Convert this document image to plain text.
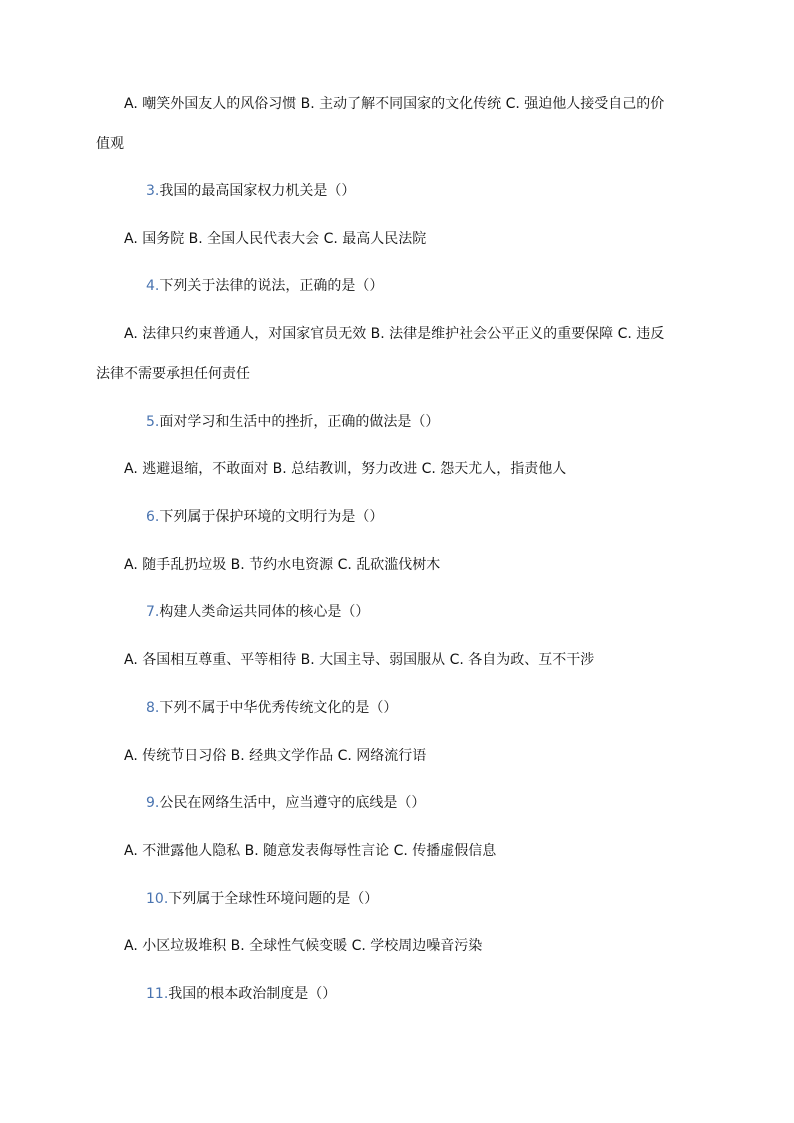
A. 嘲笑外国友人的风俗习惯 B. 主动了解不同国家的文化传统 C. 强迫他人接受自己的价
值观
3.我国的最高国家权力机关是（）
A. 国务院 B. 全国人民代表大会 C. 最高人民法院
4.下列关于法律的说法，正确的是（）
A. 法律只约束普通人，对国家官员无效 B. 法律是维护社会公平正义的重要保障 C. 违反
法律不需要承担任何责任
5.面对学习和生活中的挫折，正确的做法是（）
A. 逃避退缩，不敢面对 B. 总结教训，努力改进 C. 怨天尤人，指责他人
6.下列属于保护环境的文明行为是（）
A. 随手乱扔垃圾 B. 节约水电资源 C. 乱砍滥伐树木
7.构建人类命运共同体的核心是（）
A. 各国相互尊重、平等相待 B. 大国主导、弱国服从 C. 各自为政、互不干涉
8.下列不属于中华优秀传统文化的是（）
A. 传统节日习俗 B. 经典文学作品 C. 网络流行语
9.公民在网络生活中，应当遵守的底线是（）
A. 不泄露他人隐私 B. 随意发表侮辱性言论 C. 传播虚假信息
10.下列属于全球性环境问题的是（）
A. 小区垃圾堆积 B. 全球性气候变暖 C. 学校周边噪音污染
11.我国的根本政治制度是（）
